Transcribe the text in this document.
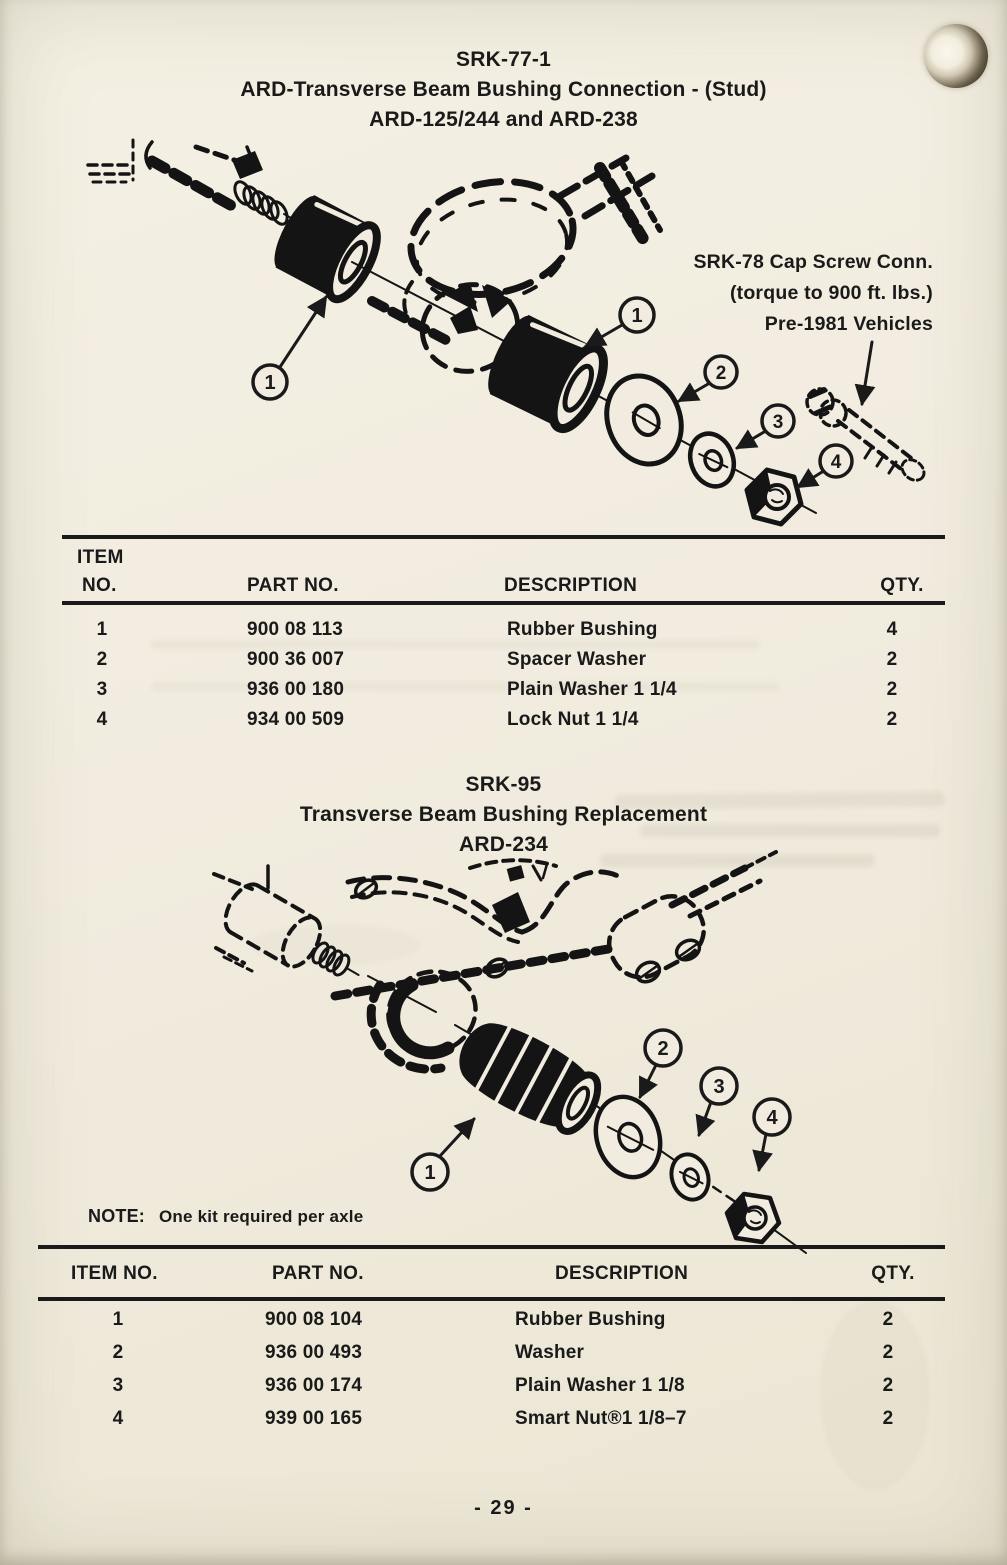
SRK-77-1
ARD-Transverse Beam Bushing Connection - (Stud)
ARD-125/244 and ARD-238
1
1
2
3
4
1
2
3
4
SRK-78 Cap Screw Conn.
(torque to 900 ft. lbs.)
Pre-1981 Vehicles
ITEM
NO.	PART NO.	DESCRIPTION	QTY.
1	900 08 113	Rubber Bushing	4
2	900 36 007	Spacer Washer	2
3	936 00 180	Plain Washer 1 1/4	2
4	934 00 509	Lock Nut 1 1/4	2
SRK-95
Transverse Beam Bushing Replacement
ARD-234
NOTE: One kit required per axle
ITEM NO.	PART NO.	DESCRIPTION	QTY.
1	900 08 104	Rubber Bushing	2
2	936 00 493	Washer	2
3	936 00 174	Plain Washer 1 1/8	2
4	939 00 165	Smart Nut®1 1/8–7	2
- 29 -
